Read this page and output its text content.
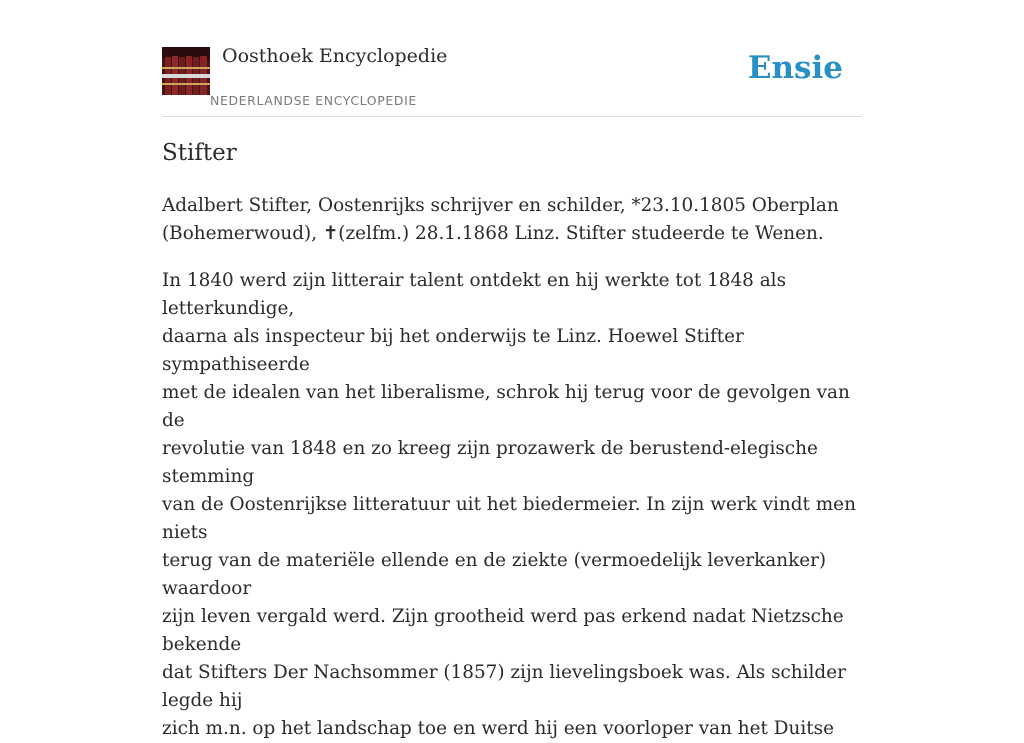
Oosthoek Encyclopedie
NEDERLANDSE ENCYCLOPEDIE
Ensie
Stifter

Adalbert Stifter, Oostenrijks schrijver en schilder, *23.10.1805 Oberplan
(Bohemerwoud), ✝(zelfm.) 28.1.1868 Linz. Stifter studeerde te Wenen.

In 1840 werd zijn litterair talent ontdekt en hij werkte tot 1848 als letterkundige,
daarna als inspecteur bij het onderwijs te Linz. Hoewel Stifter sympathiseerde
met de idealen van het liberalisme, schrok hij terug voor de gevolgen van de
revolutie van 1848 en zo kreeg zijn prozawerk de berustend-elegische stemming
van de Oostenrijkse litteratuur uit het biedermeier. In zijn werk vindt men niets
terug van de materiële ellende en de ziekte (vermoedelijk leverkanker) waardoor
zijn leven vergald werd. Zijn grootheid werd pas erkend nadat Nietzsche bekende
dat Stifters Der Nachsommer (1857) zijn lievelingsboek was. Als schilder legde hij
zich m.n. op het landschap toe en werd hij een voorloper van het Duitse
